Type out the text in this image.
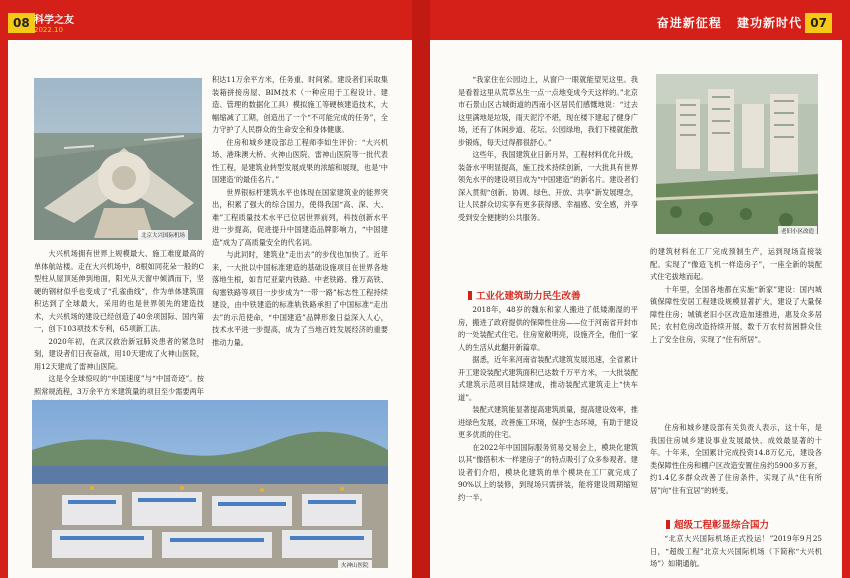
08 科学之友
2022.10	07
奋进新征程 建功新时代
北京大兴国际机场

大兴机场拥有世界上规模最大、施工难度最高的单体航站楼。走在大兴机场中，8根如同花朵一般的C型柱从屋顶延伸到地面，阳光从天窗中倾洒而下，坚硬的钢材似乎也变成了“孔雀曲线”，作为单体建筑面积达到了全球最大，采用的也是世界领先的建造技术，大兴机场的建设已经创造了40余项国际、国内第一，创下103项技术专利，65项新工法。

2020年初，在武汉救治新冠肺炎患者的紧急时刻，建设者们日夜奋战，用10天建成了火神山医院，用12天建成了雷神山医院。

这是令全球惊叹的“中国速度”与“中国奇迹”。按照常规流程，3万余平方米建筑量的项目至少需要两年

积达11万余平方米，任务重、时间紧。建设者们采取集装箱拼接房屋、BIM技术（一种应用于工程设计、建造、管理的数据化工具）模拟施工等硬核建造技术，大幅缩减了工期，创造出了一个“不可能完成的任务”，全力守护了人民群众的生命安全和身体健康。

住房和城乡建设部总工程师李如生评价：“大兴机场、港珠澳大桥、火神山医院、雷神山医院等一批代表性工程，是建筑业转型发展成果的浓缩和展现，也是‘中国建造’的最佳名片。”

世界银标杆建筑水平也体现在国家建筑业的能界突出，积累了强大的综合国力，使得我国“高、深、大、难”工程质量技术水平已位居世界前列，科技创新水平进一步提高，促进提升中国建造品牌影响力，“中国建造”成为了高质量安全的代名词。

与此同时，建筑业“走出去”的步伐也加快了。近年来，一大批以中国标准建造的基础设施项目在世界各地落地生根，如肯尼亚蒙内铁路、中老铁路、雅万高铁、匈塞铁路等项目一步步成为“一带一路”标志性工程持续建设，由中铁建造的标准轨铁路承担了中国标准“走出去”的示范使命，“中国建造”品牌形象日益深入人心，技术水平进一步提高，成为了当地百姓发展经济的重要推动力量。

火神山医院

“我家住在公园边上，从窗户一眼就能望见这里。我是看着这里从荒草丛生一点一点地变成今天这样的。”北京市石景山区古城街道的西南小区居民们感慨地说：“过去这里满地是垃圾，雨天泥泞不堪，现在楼下建起了健身广场，还有了休闲步道、花坛、公园绿地，我们下楼就能散步锻炼，每天过得都很舒心。”

这些年，我国建筑业日新月异，工程材料优化升级，装备水平明显提高，施工技术持续创新，一大批具有世界领先水平的建设项目成为“中国建造”的新名片。建设者们深入贯彻“创新、协调、绿色、开放、共享”新发展理念，让人民群众切实享有更多获得感、幸福感、安全感，并享受到安全便捷的公共服务。

工业化建筑助力民生改善

2018年，48岁的魏东和家人搬进了低矮潮湿的平房，搬进了政府提供的保障性住房——位于河南省开封市的一处装配式住宅。住房宽敞明亮，设施齐全，他们一家人的生活从此翻开新篇章。

据悉，近年来河南省装配式建筑发展迅速，全省累计开工建设装配式建筑面积已达数千万平方米，一大批装配式建筑示范项目陆续建成，推动装配式建筑走上“快车道”。

装配式建筑能显著提高建筑质量，提高建设效率，推进绿色发展，改善施工环境，保护生态环境，有助于建设更多优质的住宅。

在2022年中国国际服务贸易交易会上，模块化建筑以其“像搭积木一样建房子”的特点吸引了众多参观者。建设者们介绍，模块化建筑的单个模块在工厂就完成了90%以上的装修，到现场只需拼装，能将建设周期缩短约一半。

老旧小区改造

的建筑材料在工厂完成预制生产，运到现场直接装配。实现了“像造飞机一样造房子”，一座全新的装配式住宅拔地而起。

十年里，全国各地都在实施“新家”建设：国内城镇保障性安居工程建设规模显著扩大，建设了大量保障性住房；城镇老旧小区改造加速推进，惠及众多居民；农村危房改造持续开展，数千万农村贫困群众住上了安全住房，实现了“住有所居”。

住房和城乡建设部有关负责人表示，这十年，是我国住房城乡建设事业发展最快、成效最显著的十年。十年来，全国累计完成投资14.8万亿元，建设各类保障性住房和棚户区改造安置住房约5900多万套，约1.4亿多群众改善了住房条件，实现了从“住有所居”向“住有宜居”的转变。

超级工程彰显综合国力

“北京大兴国际机场正式投运！”2019年9月25日，“超级工程”北京大兴国际机场（下简称“大兴机场”）如期通航。
